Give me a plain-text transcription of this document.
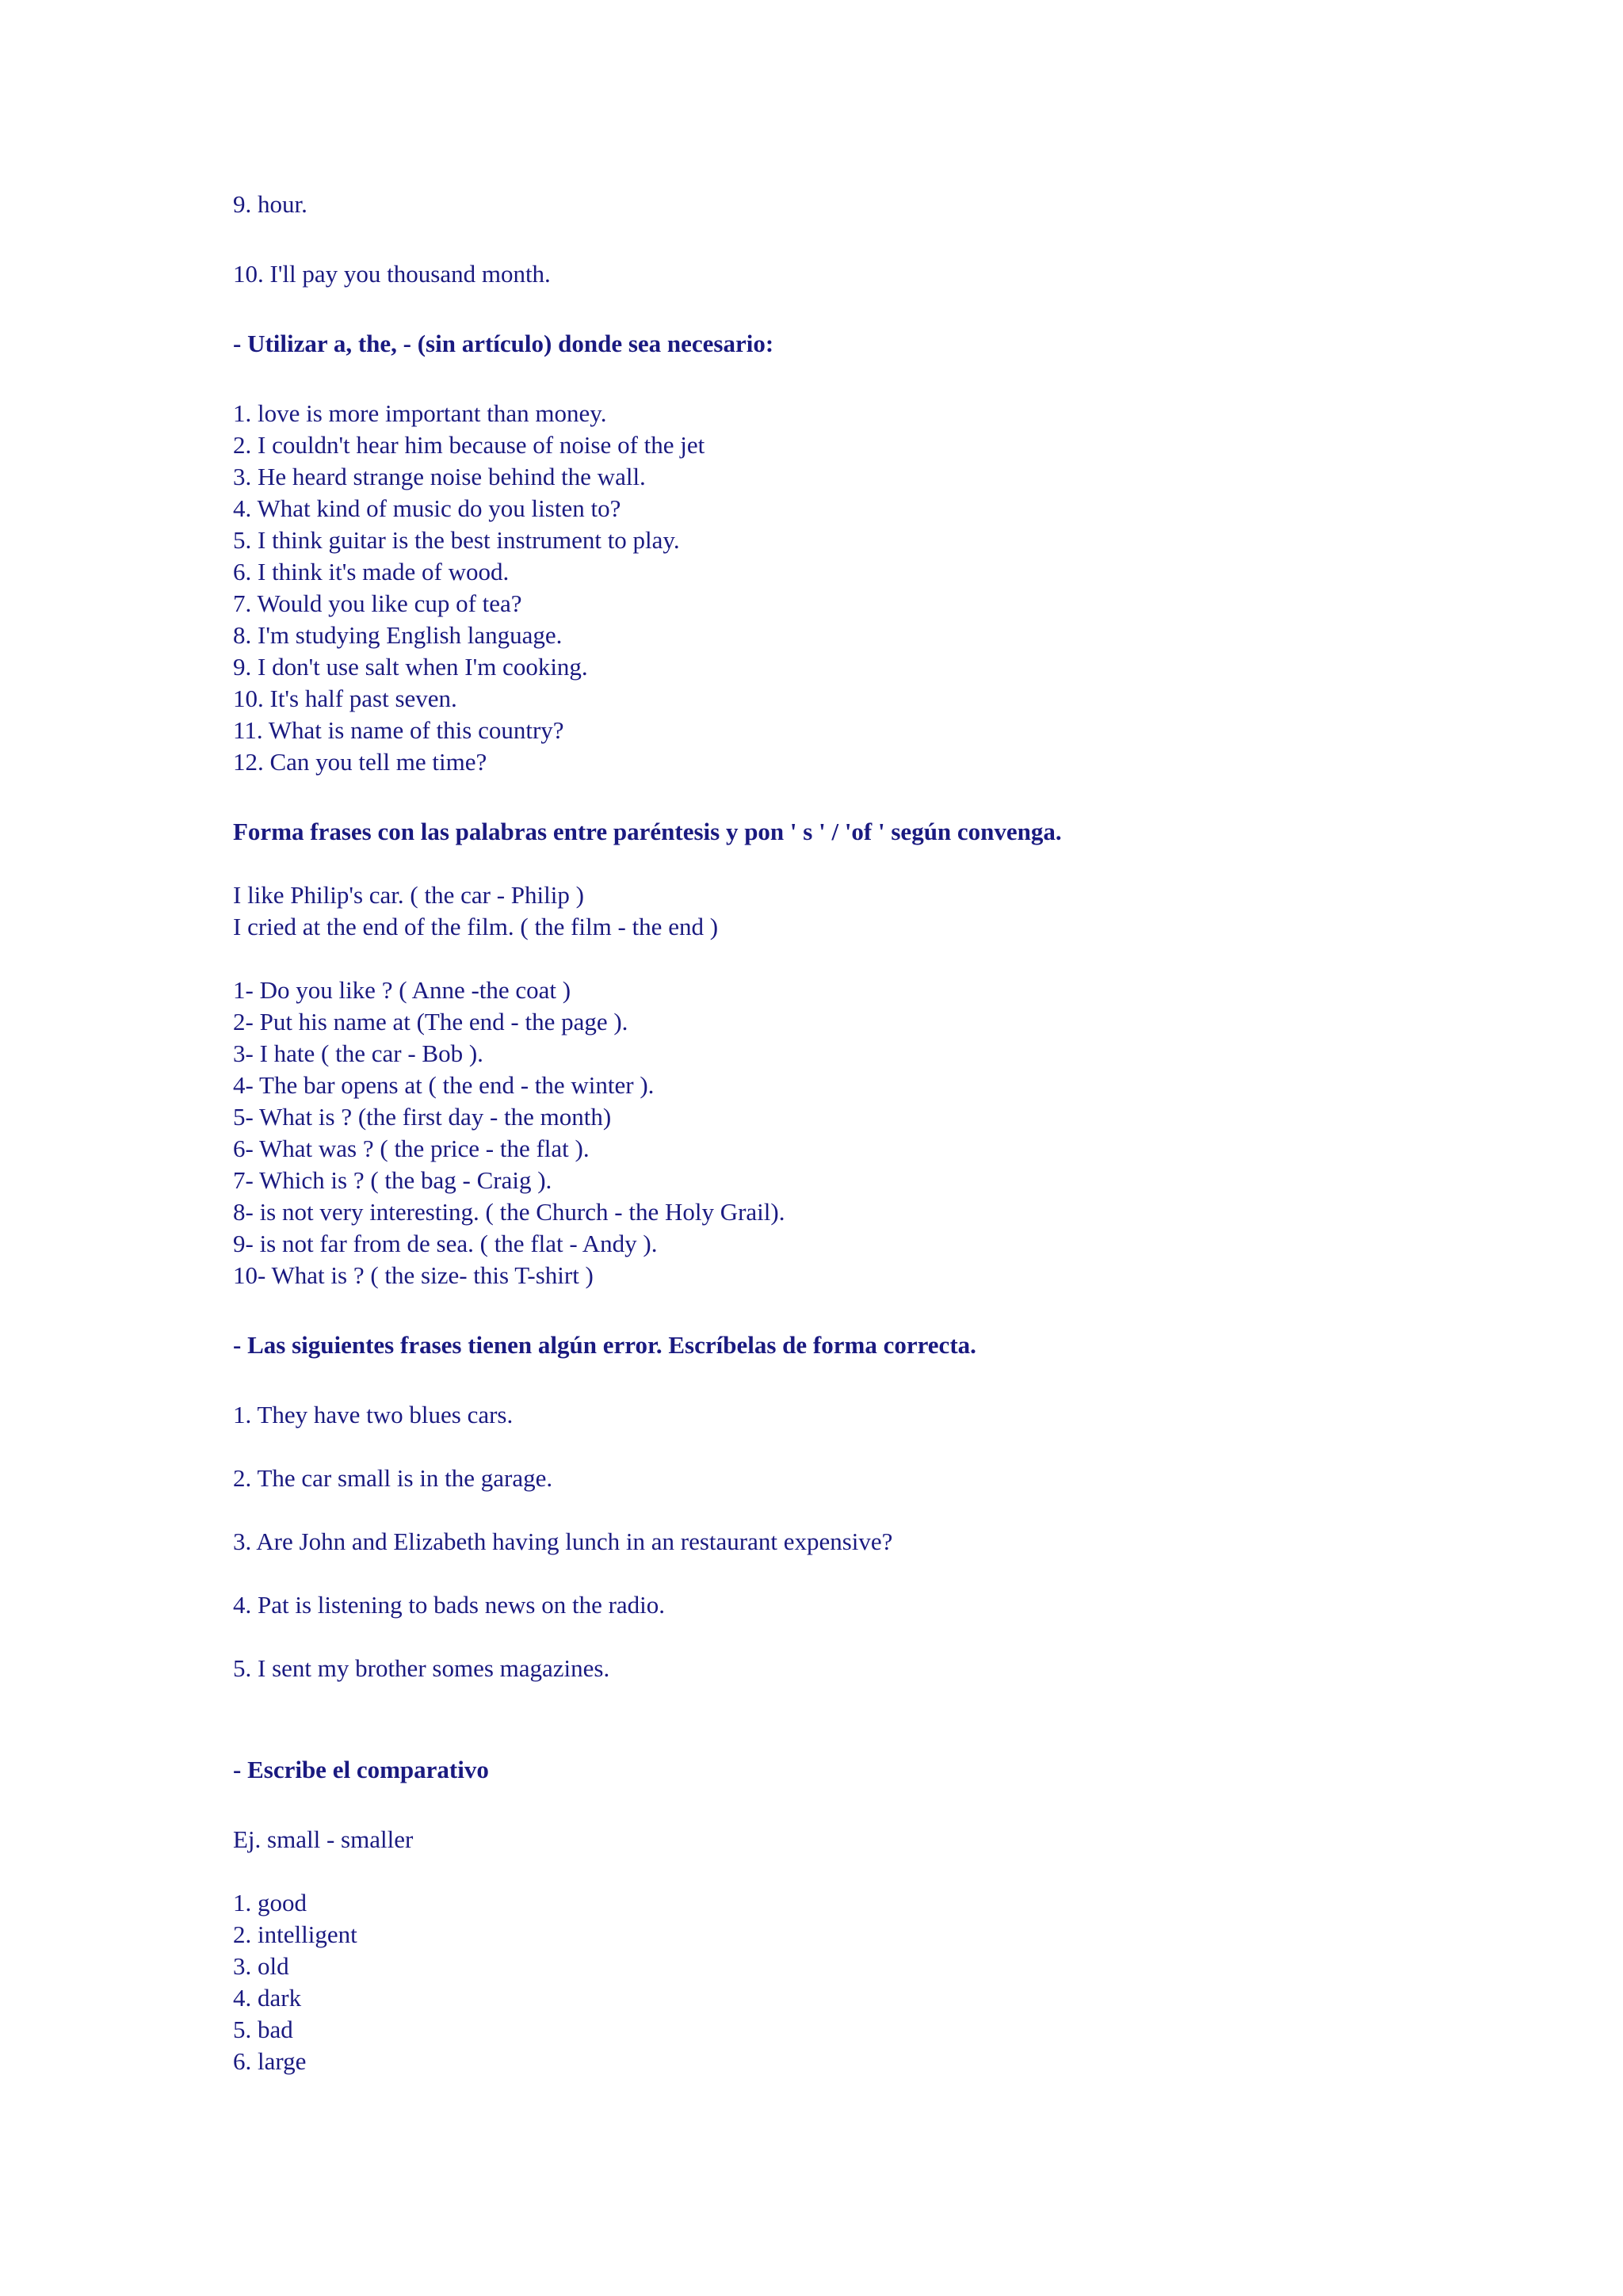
9. hour.
10. I'll pay you thousand month.
- Utilizar a, the, - (sin artículo) donde sea necesario:
1. love is more important than money.
2. I couldn't hear him because of noise of the jet
3. He heard strange noise behind the wall.
4. What kind of music do you listen to?
5. I think guitar is the best instrument to play.
6. I think it's made of wood.
7. Would you like cup of tea?
8. I'm studying English language.
9. I don't use salt when I'm cooking.
10. It's half past seven.
11. What is name of this country?
12. Can you tell me time?
Forma frases con las palabras entre paréntesis y pon ' s ' / 'of ' según convenga.
I like Philip's car. ( the car - Philip )
I cried at the end of the film. ( the film - the end )
1- Do you like ? ( Anne -the coat )
2- Put his name at (The end - the page ).
3- I hate ( the car - Bob ).
4- The bar opens at ( the end - the winter ).
5- What is ? (the first day - the month)
6- What was ? ( the price - the flat ).
7- Which is ? ( the bag - Craig ).
8- is not very interesting. ( the Church - the Holy Grail).
9- is not far from de sea. ( the flat - Andy ).
10- What is ? ( the size- this T-shirt )
- Las siguientes frases tienen algún error. Escríbelas de forma correcta.
1. They have two blues cars.
2. The car small is in the garage.
3. Are John and Elizabeth having lunch in an restaurant expensive?
4. Pat is listening to bads news on the radio.
5. I sent my brother somes magazines.
- Escribe el comparativo
Ej. small - smaller
1. good
2. intelligent
3. old
4. dark
5. bad
6. large
